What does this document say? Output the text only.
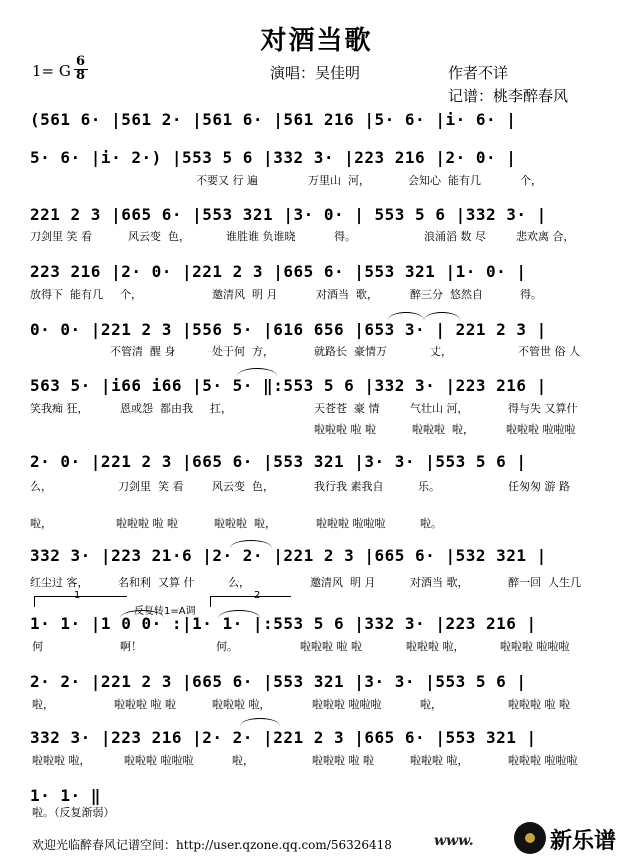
对酒当歌
1= G
6
8	演唱：吴佳明	作者不详
记谱：桃李醉春风
(561 6· |561 2· |561 6· |561 216 |5· 6· |i· 6· |
5· 6· |i· 2·) |553 5 6 |332 3· |223 216 |2· 0· |
不要又 行 遍	万里山  河，	会知心  能有几	个，
221 2 3 |665 6· |553 321 |3· 0· | 553 5 6 |332 3· |
刀剑里 笑 看	风云变  色，	谁胜谁 负谁晓	得。	浪涌滔 数 尽	悲欢离 合，
223 216 |2· 0· |221 2 3 |665 6· |553 321 |1· 0· |
放得下  能有几 个，	邀清风  明 月	对酒当  歌，	醉三分  悠然自	得。
0· 0· |221 2 3 |556 5· |616 656 |653 3· | 221 2 3 |
不管清  醒 身	处于何  方，	就路长  豪情万	丈，	不管世 俗 人
563 5· |i66 i66 |5· 5· ‖:553 5 6 |332 3· |223 216 |
笑我痴 狂，	恩或怨  都由我 扛，	天苍苍  豪 情	气壮山 河，	得与失 又算什
啦啦啦 啦 啦	啦啦啦  啦，	啦啦啦 啦啦啦
2· 0· |221 2 3 |665 6· |553 321 |3· 3· |553 5 6 |
么，	刀剑里  笑 看	风云变  色，	我行我 素我自	乐。	任匆匆 游 路
啦，	啦啦啦 啦 啦	啦啦啦  啦，	啦啦啦 啦啦啦	啦。
332 3· |223 21·6 |2· 2· |221 2 3 |665 6· |532 321 |
红尘过 客，	名和利  又算 什	么，	邀清风  明 月	对酒当 歌，	醉一回  人生几
1· 1· |1 0 0· :|1· 1· |:553 5 6 |332 3· |223 216 |
何	啊！	何。	啦啦啦 啦 啦	啦啦啦 啦，	啦啦啦 啦啦啦
2· 2· |221 2 3 |665 6· |553 321 |3· 3· |553 5 6 |
啦，	啦啦啦 啦 啦	啦啦啦 啦，	啦啦啦 啦啦啦	啦，	啦啦啦 啦 啦
332 3· |223 216 |2· 2· |221 2 3 |665 6· |553 321 |
啦啦啦 啦，	啦啦啦 啦啦啦	啦，	啦啦啦 啦 啦	啦啦啦 啦，	啦啦啦 啦啦啦
1· 1· ‖
啦。（反复渐弱）
1	2
反复转1=A调
欢迎光临醉春风记谱空间：http://user.qzone.qq.com/56326418	www.	新乐谱
